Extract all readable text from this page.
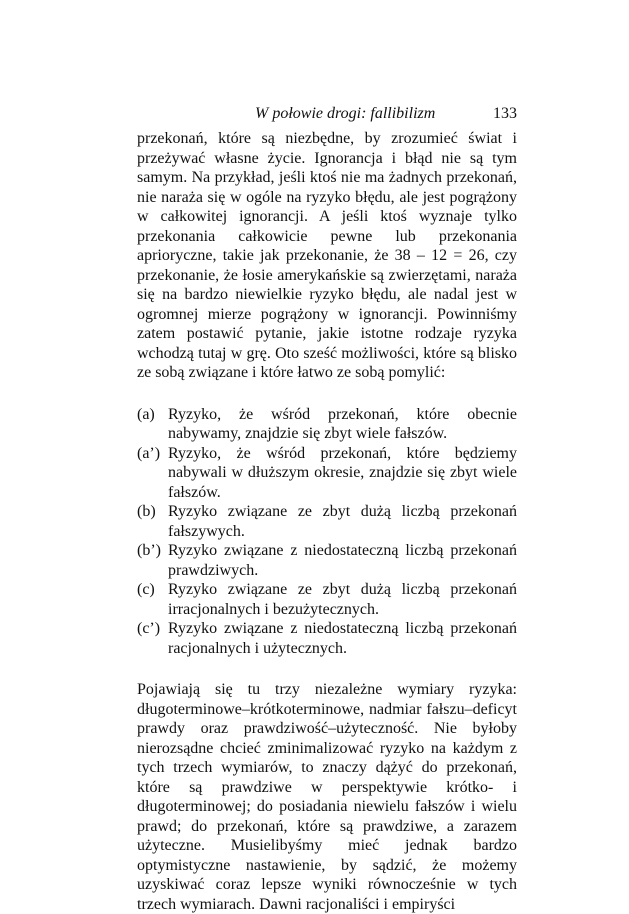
W połowie drogi: fallibilizm	133

przekonań, które są niezbędne, by zrozumieć świat i przeżywać własne życie. Ignorancja i błąd nie są tym samym. Na przykład, jeśli ktoś nie ma żadnych przekonań, nie naraża się w ogóle na ryzyko błędu, ale jest pogrążony w całkowitej ignorancji. A jeśli ktoś wyznaje tylko przekonania całkowicie pewne lub przekonania aprioryczne, takie jak przekonanie, że 38 – 12 = 26, czy przekonanie, że łosie amerykańskie są zwierzętami, naraża się na bardzo niewielkie ryzyko błędu, ale nadal jest w ogromnej mierze pogrążony w ignorancji. Powinniśmy zatem postawić pytanie, jakie istotne rodzaje ryzyka wchodzą tutaj w grę. Oto sześć możliwości, które są blisko ze sobą związane i które łatwo ze sobą pomylić:

(a) Ryzyko, że wśród przekonań, które obecnie nabywamy, znajdzie się zbyt wiele fałszów.
(a’) Ryzyko, że wśród przekonań, które będziemy nabywali w dłuższym okresie, znajdzie się zbyt wiele fałszów.
(b) Ryzyko związane ze zbyt dużą liczbą przekonań fałszywych.
(b’) Ryzyko związane z niedostateczną liczbą przekonań prawdziwych.
(c) Ryzyko związane ze zbyt dużą liczbą przekonań irracjonalnych i bezużytecznych.
(c’) Ryzyko związane z niedostateczną liczbą przekonań racjonalnych i użytecznych.

Pojawiają się tu trzy niezależne wymiary ryzyka: długoterminowe–krótkoterminowe, nadmiar fałszu–deficyt prawdy oraz prawdziwość–użyteczność. Nie byłoby nierozsądne chcieć zminimalizować ryzyko na każdym z tych trzech wymiarów, to znaczy dążyć do przekonań, które są prawdziwe w perspektywie krótko- i długoterminowej; do posiadania niewielu fałszów i wielu prawd; do przekonań, które są prawdziwe, a zarazem użyteczne. Musielibyśmy mieć jednak bardzo optymistyczne nastawienie, by sądzić, że możemy uzyskiwać coraz lepsze wyniki równocześnie w tych trzech wymiarach. Dawni racjonaliści i empiryści
